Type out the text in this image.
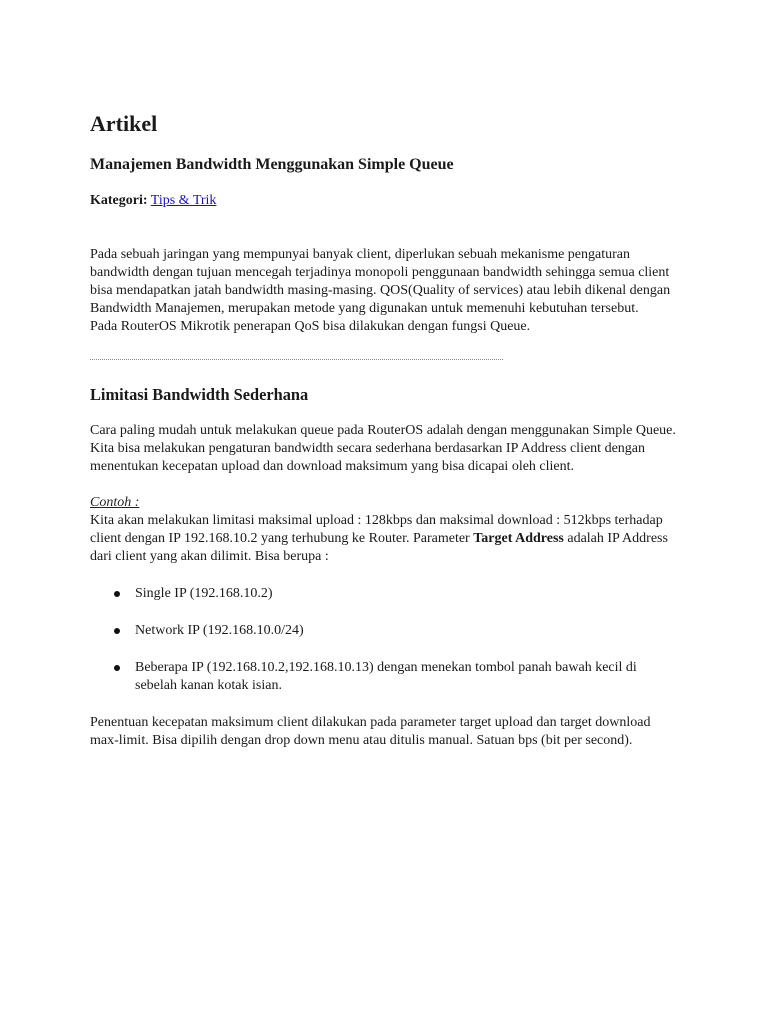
Artikel
Manajemen Bandwidth Menggunakan Simple Queue
Kategori: Tips & Trik

Pada sebuah jaringan yang mempunyai banyak client, diperlukan sebuah mekanisme pengaturan bandwidth dengan tujuan mencegah terjadinya monopoli penggunaan bandwidth sehingga semua client bisa mendapatkan jatah bandwidth masing-masing. QOS(Quality of services) atau lebih dikenal dengan Bandwidth Manajemen, merupakan metode yang digunakan untuk memenuhi kebutuhan tersebut.

Pada RouterOS Mikrotik penerapan QoS bisa dilakukan dengan fungsi Queue.

Limitasi Bandwidth Sederhana

Cara paling mudah untuk melakukan queue pada RouterOS adalah dengan menggunakan Simple Queue. Kita bisa melakukan pengaturan bandwidth secara sederhana berdasarkan IP Address client dengan menentukan kecepatan upload dan download maksimum yang bisa dicapai oleh client.

Contoh :
Kita akan melakukan limitasi maksimal upload : 128kbps dan maksimal download : 512kbps terhadap client dengan IP 192.168.10.2 yang terhubung ke Router. Parameter Target Address adalah IP Address dari client yang akan dilimit. Bisa berupa :

Single IP (192.168.10.2)
Network IP (192.168.10.0/24)
Beberapa IP (192.168.10.2,192.168.10.13) dengan menekan tombol panah bawah kecil di sebelah kanan kotak isian.

Penentuan kecepatan maksimum client dilakukan pada parameter target upload dan target download max-limit. Bisa dipilih dengan drop down menu atau ditulis manual. Satuan bps (bit per second).
